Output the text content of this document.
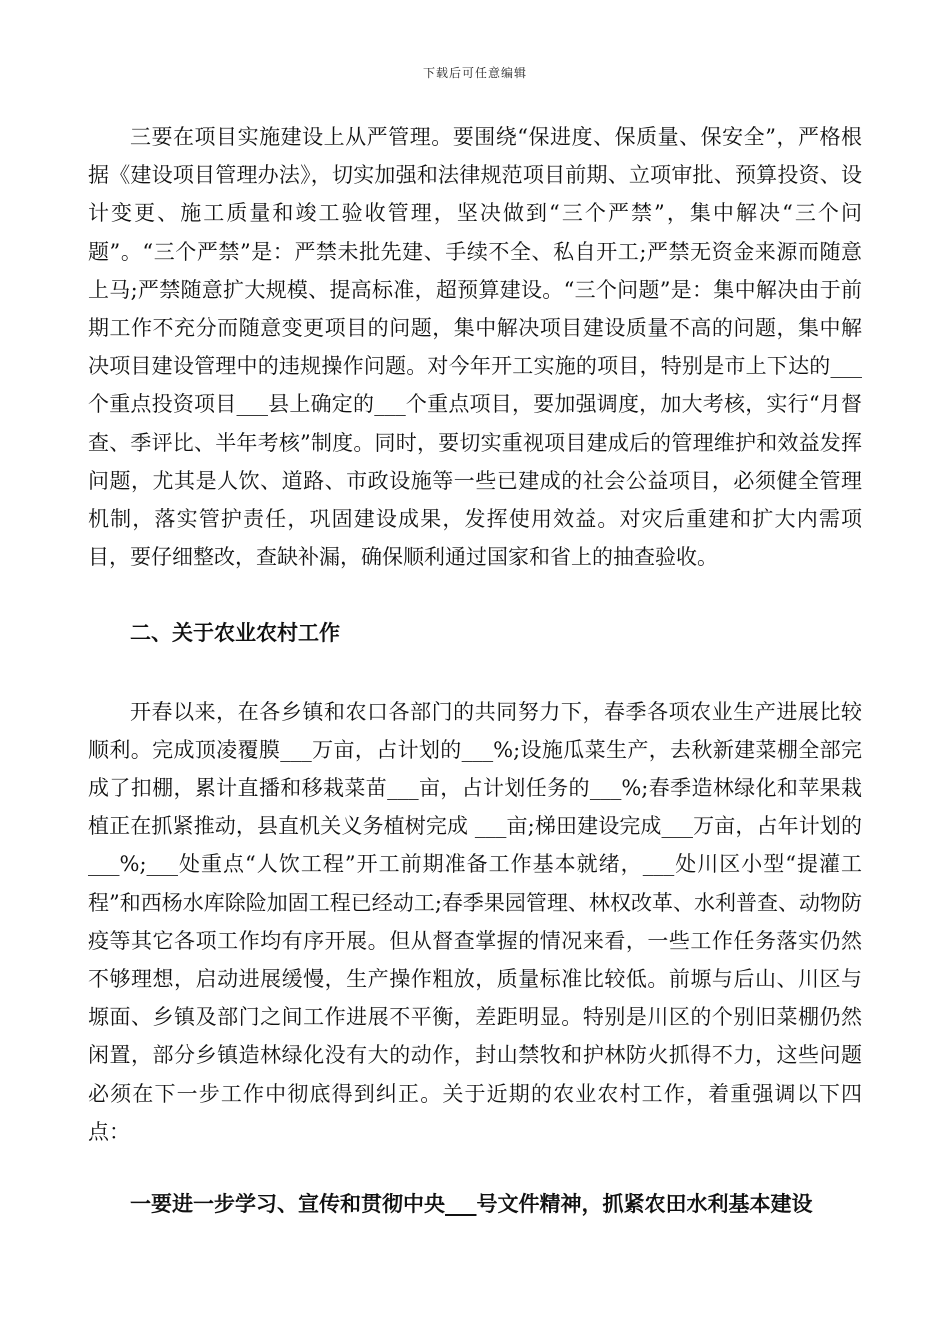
下载后可任意编辑

三要在项目实施建设上从严管理。要围绕“保进度、保质量、保安全”，严格根据《建设项目管理办法》，切实加强和法律规范项目前期、立项审批、预算投资、设计变更、施工质量和竣工验收管理，坚决做到“三个严禁”，集中解决“三个问题”。“三个严禁”是：严禁未批先建、手续不全、私自开工;严禁无资金来源而随意上马;严禁随意扩大规模、提高标准，超预算建设。“三个问题”是：集中解决由于前期工作不充分而随意变更项目的问题，集中解决项目建设质量不高的问题，集中解决项目建设管理中的违规操作问题。对今年开工实施的项目，特别是市上下达的___个重点投资项目___县上确定的___个重点项目，要加强调度，加大考核，实行“月督查、季评比、半年考核”制度。同时，要切实重视项目建成后的管理维护和效益发挥问题，尤其是人饮、道路、市政设施等一些已建成的社会公益项目，必须健全管理机制，落实管护责任，巩固建设成果，发挥使用效益。对灾后重建和扩大内需项目，要仔细整改，查缺补漏，确保顺利通过国家和省上的抽查验收。

二、关于农业农村工作

开春以来，在各乡镇和农口各部门的共同努力下，春季各项农业生产进展比较顺利。完成顶凌覆膜___万亩，占计划的___%;设施瓜菜生产，去秋新建菜棚全部完成了扣棚，累计直播和移栽菜苗___亩，占计划任务的___%;春季造林绿化和苹果栽植正在抓紧推动，县直机关义务植树完成 ___亩;梯田建设完成___万亩，占年计划的___%;___处重点“人饮工程”开工前期准备工作基本就绪，___处川区小型“提灌工程”和西杨水库除险加固工程已经动工;春季果园管理、林权改革、水利普查、动物防疫等其它各项工作均有序开展。但从督查掌握的情况来看，一些工作任务落实仍然不够理想，启动进展缓慢，生产操作粗放，质量标准比较低。前塬与后山、川区与塬面、乡镇及部门之间工作进展不平衡，差距明显。特别是川区的个别旧菜棚仍然闲置，部分乡镇造林绿化没有大的动作，封山禁牧和护林防火抓得不力，这些问题必须在下一步工作中彻底得到纠正。关于近期的农业农村工作，着重强调以下四点：

一要进一步学习、宣传和贯彻中央___号文件精神，抓紧农田水利基本建设
